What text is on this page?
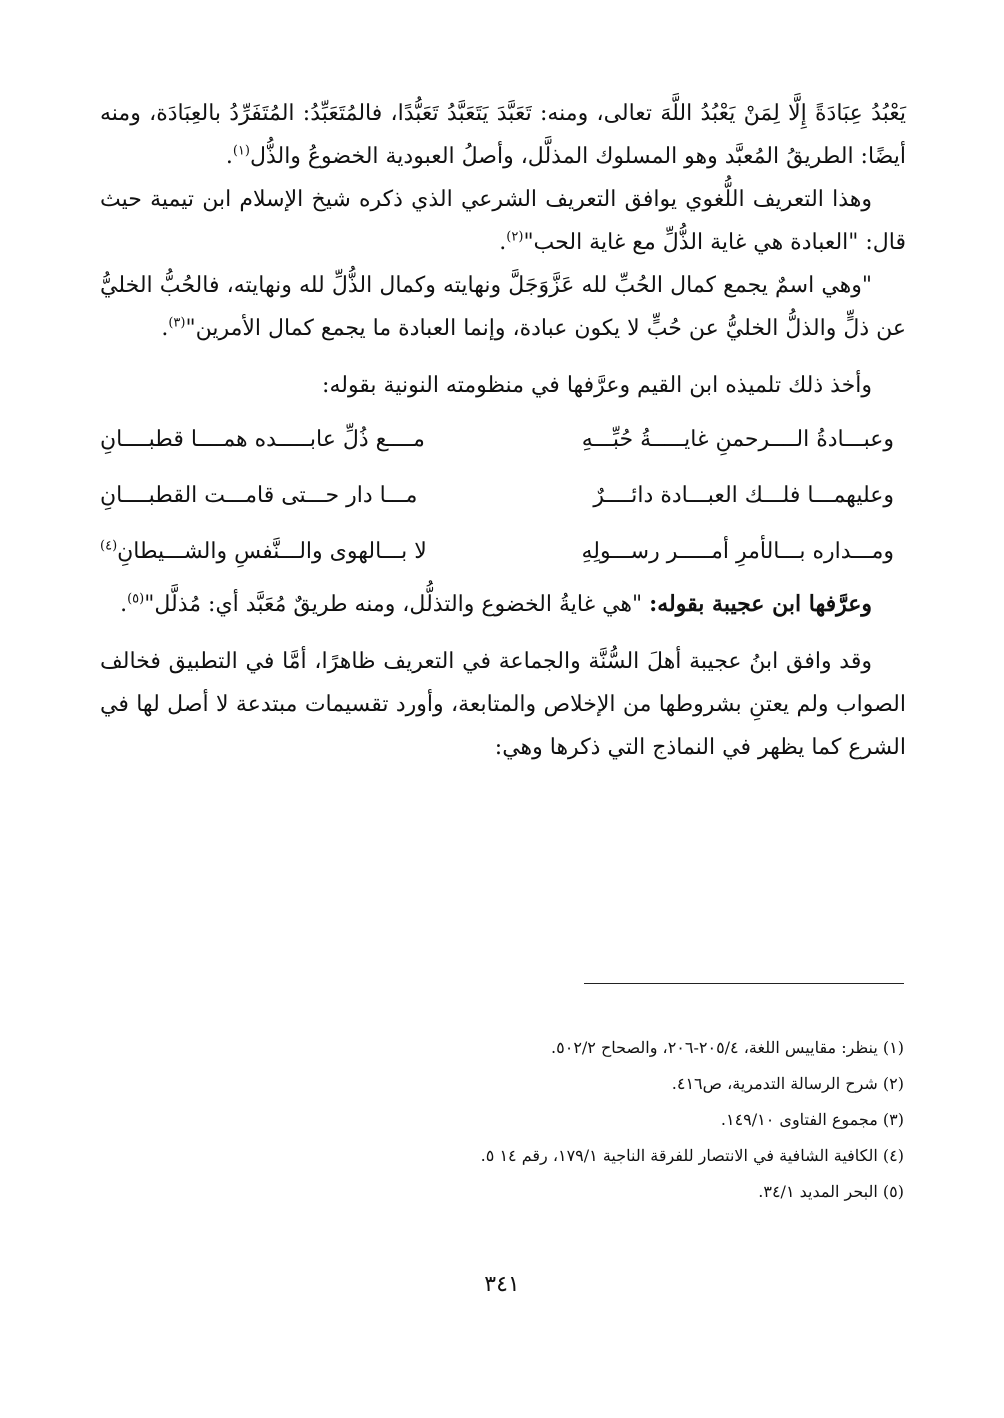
يَعْبُدُ عِبَادَةً إِلَّا لِمَنْ يَعْبُدُ اللَّهَ تعالى، ومنه: تَعَبَّدَ يَتَعَبَّدُ تَعَبُّدًا، فالمُتَعَبِّدُ: المُتَفَرِّدُ بالعِبَادَة، ومنه أيضًا: الطريقُ المُعبَّد وهو المسلوك المذلَّل، وأصلُ العبودية الخضوعُ والذُّل$^{(١)}$.

وهذا التعريف اللُّغوي يوافق التعريف الشرعي الذي ذكره شيخ الإسلام ابن تيمية حيث قال: "العبادة هي غاية الذُّلِّ مع غاية الحب"$^{(٢)}$.

"وهي اسمٌ يجمع كمال الحُبِّ لله عَزَّوَجَلَّ ونهايته وكمال الذُّلِّ لله ونهايته، فالحُبُّ الخليُّ عن ذلٍّ والذلُّ الخليُّ عن حُبٍّ لا يكون عبادة، وإنما العبادة ما يجمع كمال الأمرين"$^{(٣)}$.

وأخذ ذلك تلميذه ابن القيم وعرَّفها في منظومته النونية بقوله:

وعبـــادةُ الــــرحمنِ غايـــــةُ حُبِّـــهِ
مــــع ذُلِّ عابـــــده همــــا قطبــــانِ
وعليهمـــا فلـــك العبـــادة دائــــرٌ
مـــا دار حـــتى قامـــت القطبــــانِ
ومـــداره بـــالأمرِ أمـــــر رســـولِهِ
لا بـــالهوى والـــنَّفسِ والشـــيطانِ$^{(٤)}$

وعرَّفها ابن عجيبة بقوله: "هي غايةُ الخضوع والتذلُّل، ومنه طريقٌ مُعَبَّد أي: مُذلَّل"$^{(٥)}$.

وقد وافق ابنُ عجيبة أهلَ السُّنَّة والجماعة في التعريف ظاهرًا، أمَّا في التطبيق فخالف الصواب ولم يعتنِ بشروطها من الإخلاص والمتابعة، وأورد تقسيمات مبتدعة لا أصل لها في الشرع كما يظهر في النماذج التي ذكرها وهي:

(١) ينظر: مقاييس اللغة، ٢٠٥/٤-٢٠٦، والصحاح ٥٠٢/٢.

(٢) شرح الرسالة التدمرية، ص٤١٦.

(٣) مجموع الفتاوى ١٤٩/١٠.

(٤) الكافية الشافية في الانتصار للفرقة الناجية ١٧٩/١، رقم ١٤ ٥.

(٥) البحر المديد ٣٤/١.

٣٤١
